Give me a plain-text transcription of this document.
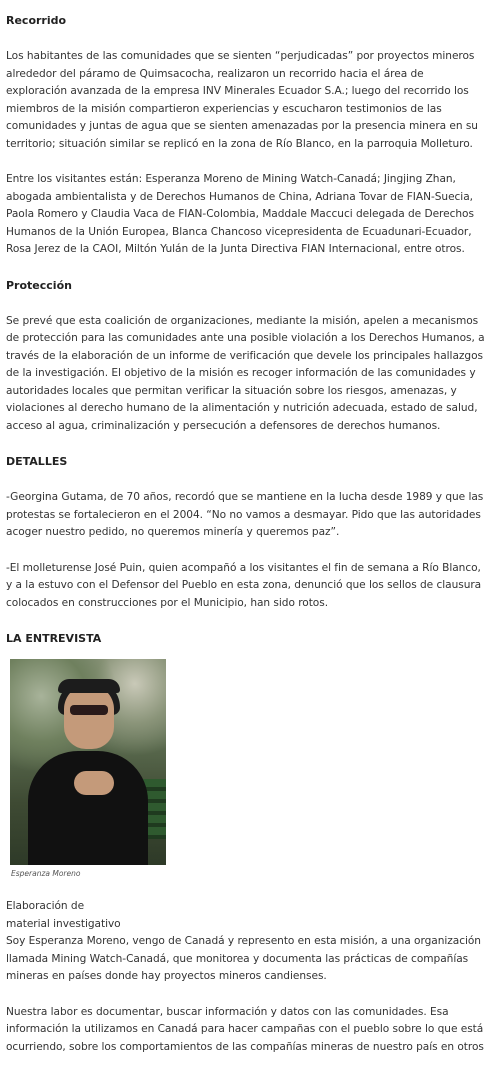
Recorrido

Los habitantes de las comunidades que se sienten “perjudicadas” por proyectos mineros alrededor del páramo de Quimsacocha, realizaron un recorrido hacia el área de exploración avanzada de la empresa INV Minerales Ecuador S.A.; luego del recorrido los miembros de la misión compartieron experiencias y escucharon testimonios de las comunidades y juntas de agua que se sienten amenazadas por la presencia minera en su territorio; situación similar se replicó en la zona de Río Blanco, en la parroquia Molleturo.

Entre los visitantes están: Esperanza Moreno de Mining Watch-Canadá; Jingjing Zhan, abogada ambientalista y de Derechos Humanos de China, Adriana Tovar de FIAN-Suecia, Paola Romero y Claudia Vaca de FIAN-Colombia, Maddale Maccuci delegada de Derechos Humanos de la Unión Europea, Blanca Chancoso vicepresidenta de Ecuadunari-Ecuador, Rosa Jerez de la CAOI, Miltón Yulán de la Junta Directiva FIAN Internacional, entre otros.

Protección

Se prevé que esta coalición de organizaciones, mediante la misión, apelen a mecanismos de protección para las comunidades ante una posible violación a los Derechos Humanos, a través de la elaboración de un informe de verificación que devele los principales hallazgos de la investigación. El objetivo de la misión es recoger información de las comunidades y autoridades locales que permitan verificar la situación sobre los riesgos, amenazas, y violaciones al derecho humano de la alimentación y nutrición adecuada, estado de salud, acceso al agua, criminalización y persecución a defensores de derechos humanos.

DETALLES

-Georgina Gutama, de 70 años, recordó que se mantiene en la lucha desde 1989 y que las protestas se fortalecieron en el 2004. “No no vamos a desmayar. Pido que las autoridades acoger nuestro pedido, no queremos minería y queremos paz”.

-El molleturense José Puin, quien acompañó a los visitantes el fin de semana a Río Blanco, y a la estuvo con el Defensor del Pueblo en esta zona, denunció que los sellos de clausura colocados en construcciones por el Municipio, han sido rotos.

LA ENTREVISTA
Esperanza Moreno

Elaboración de

material investigativo

Soy Esperanza Moreno, vengo de Canadá y represento en esta misión, a una organización llamada Mining Watch-Canadá, que monitorea y documenta las prácticas de compañías mineras en países donde hay proyectos mineros candienses.

Nuestra labor es documentar, buscar información y datos con las comunidades. Esa información la utilizamos en Canadá para hacer campañas con el pueblo sobre lo que está ocurriendo, sobre los comportamientos de las compañías mineras de nuestro país en otros
